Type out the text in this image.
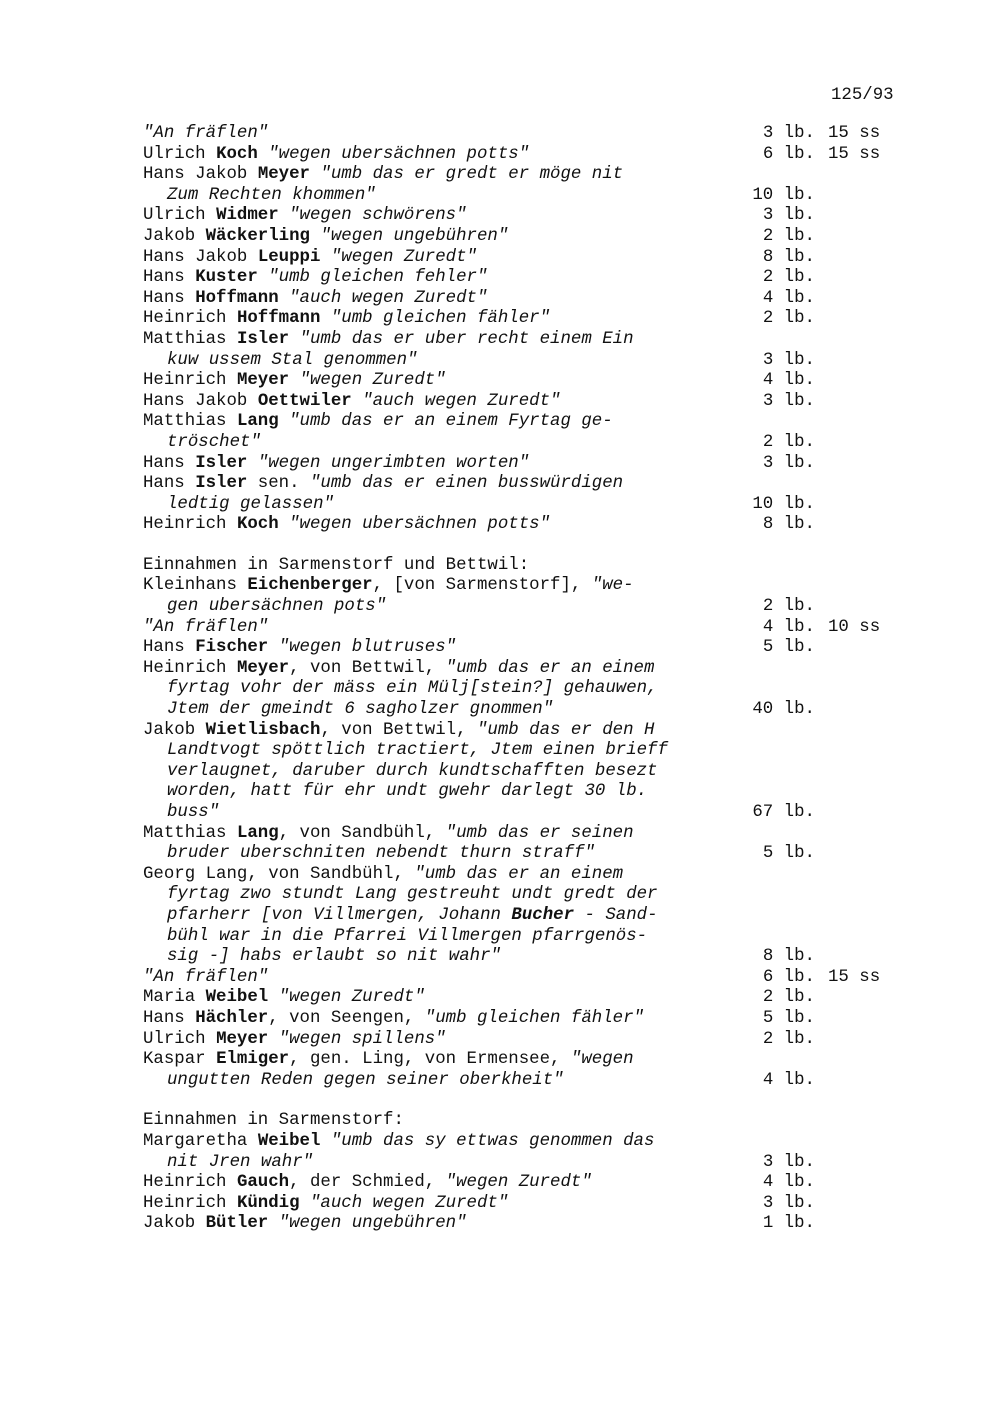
125/93
"An fräflen"	3 lb. 15 ss
Ulrich Koch "wegen ubersächnen potts"	6 lb. 15 ss
Hans Jakob Meyer "umb das er gredt er möge nit
Zum Rechten khommen"	10 lb.
Ulrich Widmer "wegen schwörens"	3 lb.
Jakob Wäckerling "wegen ungebühren"	2 lb.
Hans Jakob Leuppi "wegen Zuredt"	8 lb.
Hans Kuster "umb gleichen fehler"	2 lb.
Hans Hoffmann "auch wegen Zuredt"	4 lb.
Heinrich Hoffmann "umb gleichen fähler"	2 lb.
Matthias Isler "umb das er uber recht einem Ein
kuw ussem Stal genommen"	3 lb.
Heinrich Meyer "wegen Zuredt"	4 lb.
Hans Jakob Oettwiler "auch wegen Zuredt"	3 lb.
Matthias Lang "umb das er an einem Fyrtag ge-
tröschet"	2 lb.
Hans Isler "wegen ungerimbten worten"	3 lb.
Hans Isler sen. "umb das er einen busswürdigen
ledtig gelassen"	10 lb.
Heinrich Koch "wegen ubersächnen potts"	8 lb.
Einnahmen in Sarmenstorf und Bettwil:
Kleinhans Eichenberger, [von Sarmenstorf], "we-
gen ubersächnen pots"	2 lb.
"An fräflen"	4 lb. 10 ss
Hans Fischer "wegen blutruses"	5 lb.
Heinrich Meyer, von Bettwil, "umb das er an einem
fyrtag vohr der mäss ein Mülj[stein?] gehauwen,
Jtem der gmeindt 6 sagholzer gnommen"	40 lb.
Jakob Wietlisbach, von Bettwil, "umb das er den H
Landtvogt spöttlich tractiert, Jtem einen brieff
verlaugnet, daruber durch kundtschafften besezt
worden, hatt für ehr undt gwehr darlegt 30 lb.
buss"	67 lb.
Matthias Lang, von Sandbühl, "umb das er seinen
bruder uberschniten nebendt thurn straff"	5 lb.
Georg Lang, von Sandbühl, "umb das er an einem
fyrtag zwo stundt Lang gestreuht undt gredt der
pfarherr [von Villmergen, Johann Bucher - Sand-
bühl war in die Pfarrei Villmergen pfarrgenös-
sig -] habs erlaubt so nit wahr"	8 lb.
"An fräflen"	6 lb. 15 ss
Maria Weibel "wegen Zuredt"	2 lb.
Hans Hächler, von Seengen, "umb gleichen fähler"	5 lb.
Ulrich Meyer "wegen spillens"	2 lb.
Kaspar Elmiger, gen. Ling, von Ermensee, "wegen
ungutten Reden gegen seiner oberkheit"	4 lb.
Einnahmen in Sarmenstorf:
Margaretha Weibel "umb das sy ettwas genommen das
nit Jren wahr"	3 lb.
Heinrich Gauch, der Schmied, "wegen Zuredt"	4 lb.
Heinrich Kündig "auch wegen Zuredt"	3 lb.
Jakob Bütler "wegen ungebühren"	1 lb.
